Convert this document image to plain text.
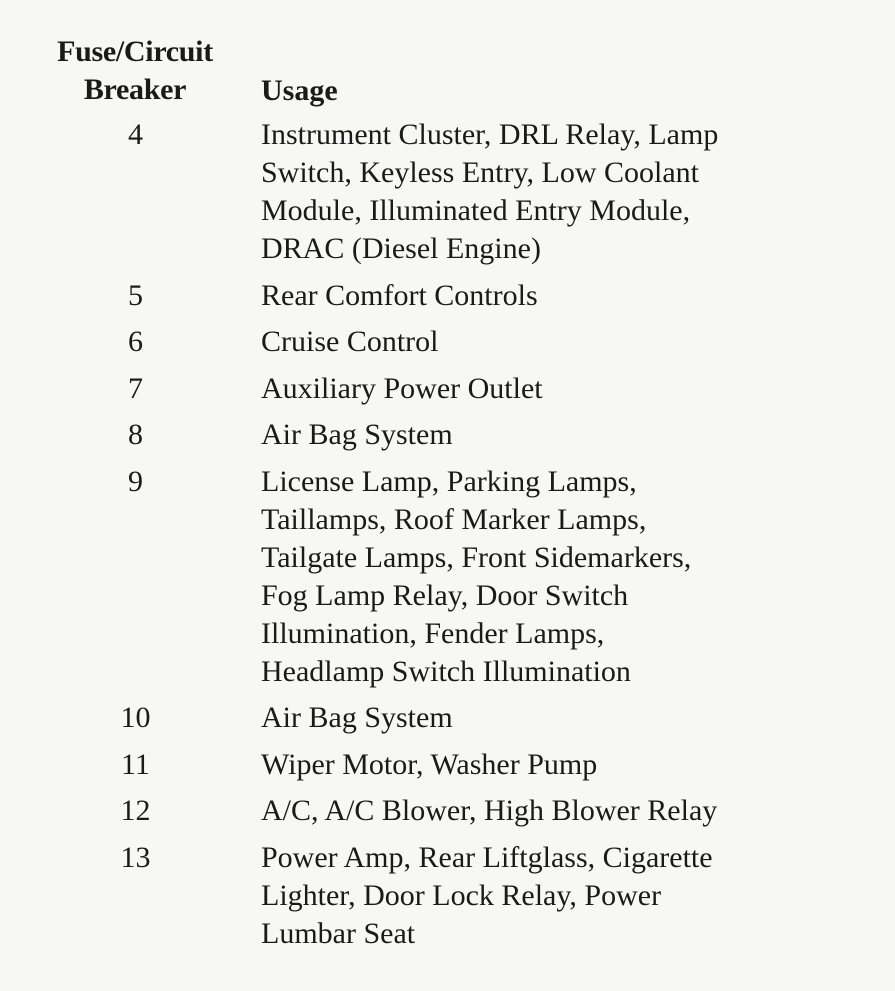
Fuse/Circuit
Breaker	Usage
4	Instrument Cluster, DRL Relay, Lamp
Switch, Keyless Entry, Low Coolant
Module, Illuminated Entry Module,
DRAC (Diesel Engine)
5	Rear Comfort Controls
6	Cruise Control
7	Auxiliary Power Outlet
8	Air Bag System
9	License Lamp, Parking Lamps,
Taillamps, Roof Marker Lamps,
Tailgate Lamps, Front Sidemarkers,
Fog Lamp Relay, Door Switch
Illumination, Fender Lamps,
Headlamp Switch Illumination
10	Air Bag System
11	Wiper Motor, Washer Pump
12	A/C, A/C Blower, High Blower Relay
13	Power Amp, Rear Liftglass, Cigarette
Lighter, Door Lock Relay, Power
Lumbar Seat
